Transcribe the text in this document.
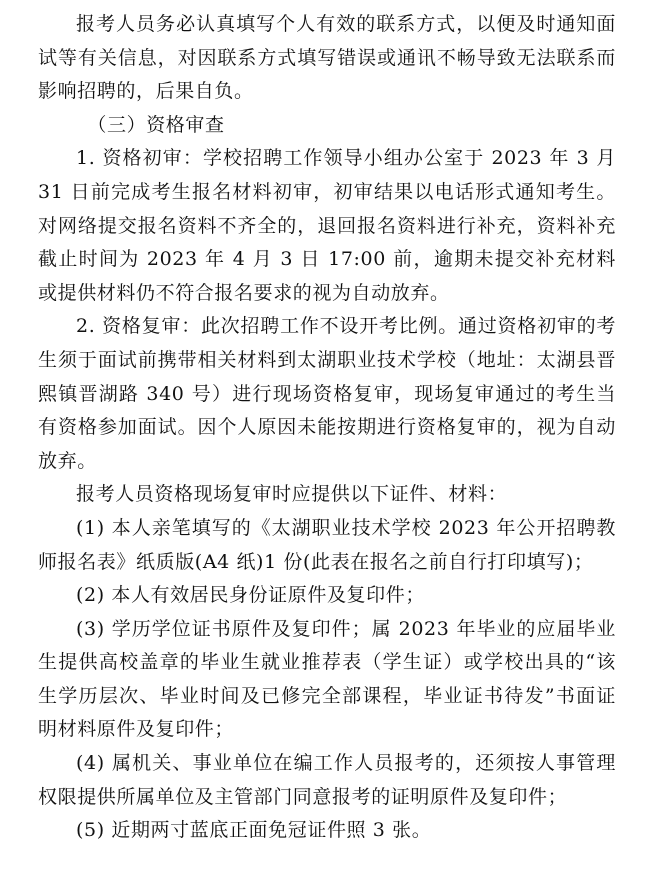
报考人员务必认真填写个人有效的联系方式，以便及时通知面试等有关信息，对因联系方式填写错误或通讯不畅导致无法联系而影响招聘的，后果自负。

（三）资格审查

1. 资格初审：学校招聘工作领导小组办公室于 2023 年 3 月 31 日前完成考生报名材料初审，初审结果以电话形式通知考生。对网络提交报名资料不齐全的，退回报名资料进行补充，资料补充截止时间为 2023 年 4 月 3 日 17:00 前，逾期未提交补充材料或提供材料仍不符合报名要求的视为自动放弃。

2. 资格复审：此次招聘工作不设开考比例。通过资格初审的考生须于面试前携带相关材料到太湖职业技术学校（地址：太湖县晋熙镇晋湖路 340 号）进行现场资格复审，现场复审通过的考生当有资格参加面试。因个人原因未能按期进行资格复审的，视为自动放弃。

报考人员资格现场复审时应提供以下证件、材料：

(1) 本人亲笔填写的《太湖职业技术学校 2023 年公开招聘教师报名表》纸质版(A4 纸)1 份(此表在报名之前自行打印填写)；

(2) 本人有效居民身份证原件及复印件；

(3) 学历学位证书原件及复印件；属 2023 年毕业的应届毕业生提供高校盖章的毕业生就业推荐表（学生证）或学校出具的“该生学历层次、毕业时间及已修完全部课程，毕业证书待发”书面证明材料原件及复印件；

(4) 属机关、事业单位在编工作人员报考的，还须按人事管理权限提供所属单位及主管部门同意报考的证明原件及复印件；

(5) 近期两寸蓝底正面免冠证件照 3 张。
